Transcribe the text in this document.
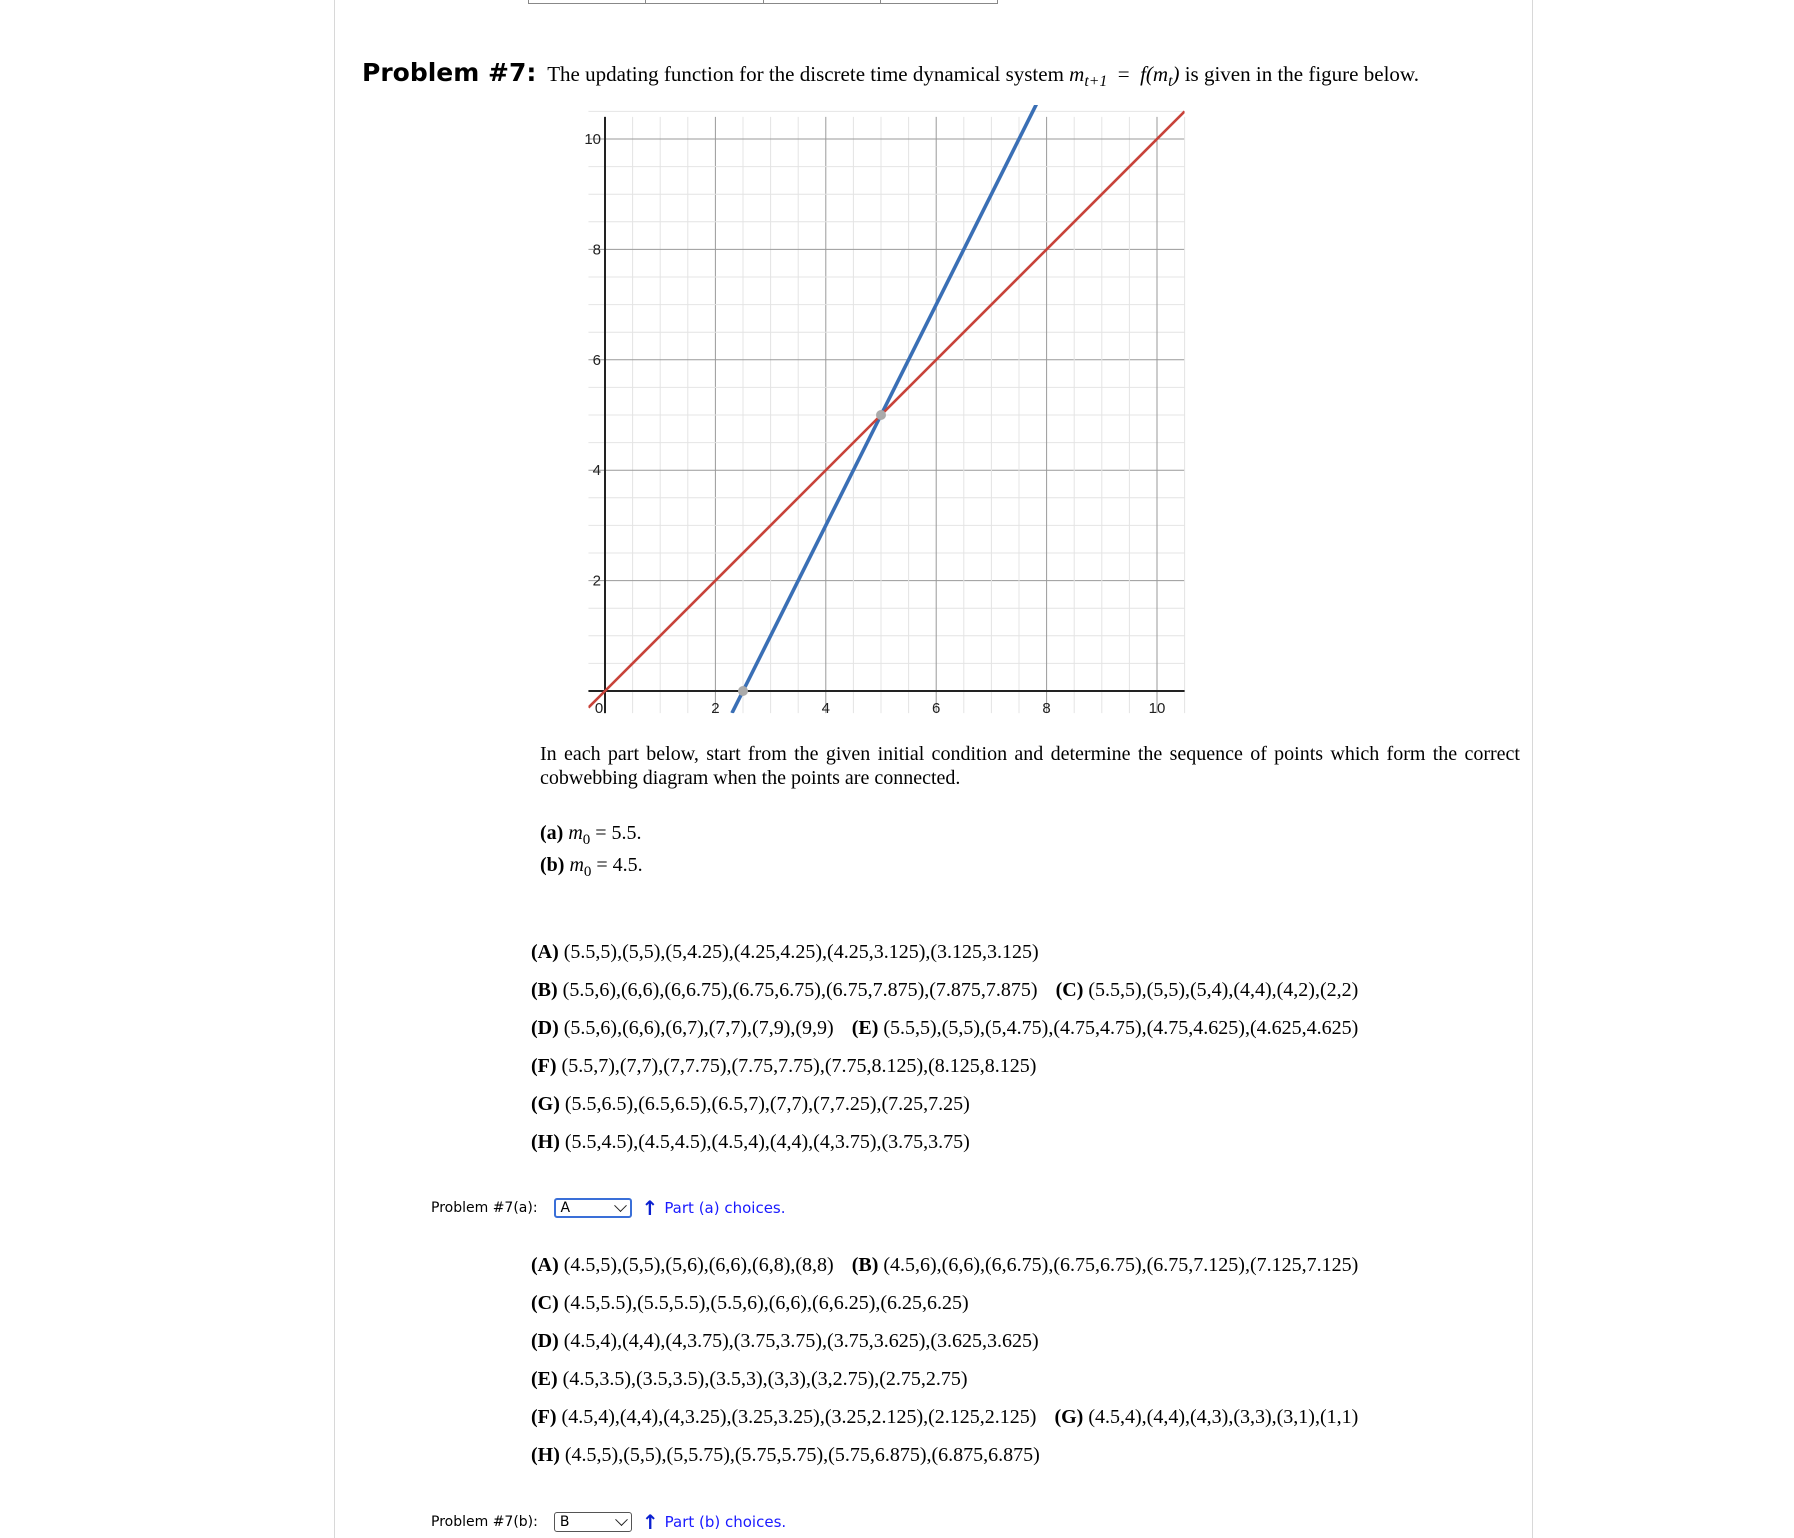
Problem #7: The updating function for the discrete time dynamical system $m_{t+1} = f(m_t)$ is given in the figure below.
0	2	4	6	8	10
2
4
6
8
10
In each part below, start from the given initial condition and determine the sequence of points which form the correct cobwebbing diagram when the points are connected.
(a) $m_0 = 5.5$.
(b) $m_0 = 4.5$.
(A) (5.5,5),(5,5),(5,4.25),(4.25,4.25),(4.25,3.125),(3.125,3.125)
(B) (5.5,6),(6,6),(6,6.75),(6.75,6.75),(6.75,7.875),(7.875,7.875) (C) (5.5,5),(5,5),(5,4),(4,4),(4,2),(2,2)
(D) (5.5,6),(6,6),(6,7),(7,7),(7,9),(9,9) (E) (5.5,5),(5,5),(5,4.75),(4.75,4.75),(4.75,4.625),(4.625,4.625)
(F) (5.5,7),(7,7),(7,7.75),(7.75,7.75),(7.75,8.125),(8.125,8.125)
(G) (5.5,6.5),(6.5,6.5),(6.5,7),(7,7),(7,7.25),(7.25,7.25)
(H) (5.5,4.5),(4.5,4.5),(4.5,4),(4,4),(4,3.75),(3.75,3.75)
Problem #7(a): A	↑ Part (a) choices.
(A) (4.5,5),(5,5),(5,6),(6,6),(6,8),(8,8) (B) (4.5,6),(6,6),(6,6.75),(6.75,6.75),(6.75,7.125),(7.125,7.125)
(C) (4.5,5.5),(5.5,5.5),(5.5,6),(6,6),(6,6.25),(6.25,6.25)
(D) (4.5,4),(4,4),(4,3.75),(3.75,3.75),(3.75,3.625),(3.625,3.625)
(E) (4.5,3.5),(3.5,3.5),(3.5,3),(3,3),(3,2.75),(2.75,2.75)
(F) (4.5,4),(4,4),(4,3.25),(3.25,3.25),(3.25,2.125),(2.125,2.125) (G) (4.5,4),(4,4),(4,3),(3,3),(3,1),(1,1)
(H) (4.5,5),(5,5),(5,5.75),(5.75,5.75),(5.75,6.875),(6.875,6.875)
Problem #7(b): B	↑ Part (b) choices.
